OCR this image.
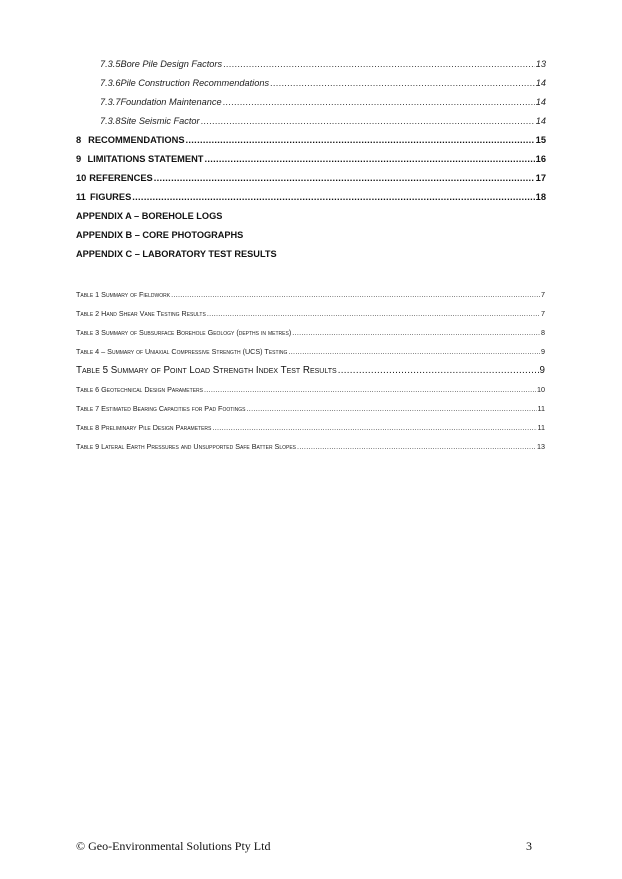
7.3.5 Bore Pile Design Factors .....	13
7.3.6 Pile Construction Recommendations .....	14
7.3.7 Foundation Maintenance .....	14
7.3.8 Site Seismic Factor .....	14
8 RECOMMENDATIONS .....	15
9 LIMITATIONS STATEMENT .....	16
10 REFERENCES .....	17
11 FIGURES .....	18
APPENDIX A – BOREHOLE LOGS
APPENDIX B – CORE PHOTOGRAPHS
APPENDIX C – LABORATORY TEST RESULTS
Table 1 Summary of Fieldwork .....	7
Table 2 Hand Shear Vane Testing Results .....	7
Table 3 Summary of Subsurface Borehole Geology (depths in metres) .....	8
Table 4 – Summary of Uniaxial Compressive Strength (UCS) Testing .....	9
Table 5 Summary of Point Load Strength Index Test Results .....	9
Table 6 Geotechnical Design Parameters .....	10
Table 7 Estimated Bearing Capacities for Pad Footings .....	11
Table 8 Preliminary Pile Design Parameters .....	11
Table 9 Lateral Earth Pressures and Unsupported Safe Batter Slopes .....	13
© Geo-Environmental Solutions Pty Ltd	3
